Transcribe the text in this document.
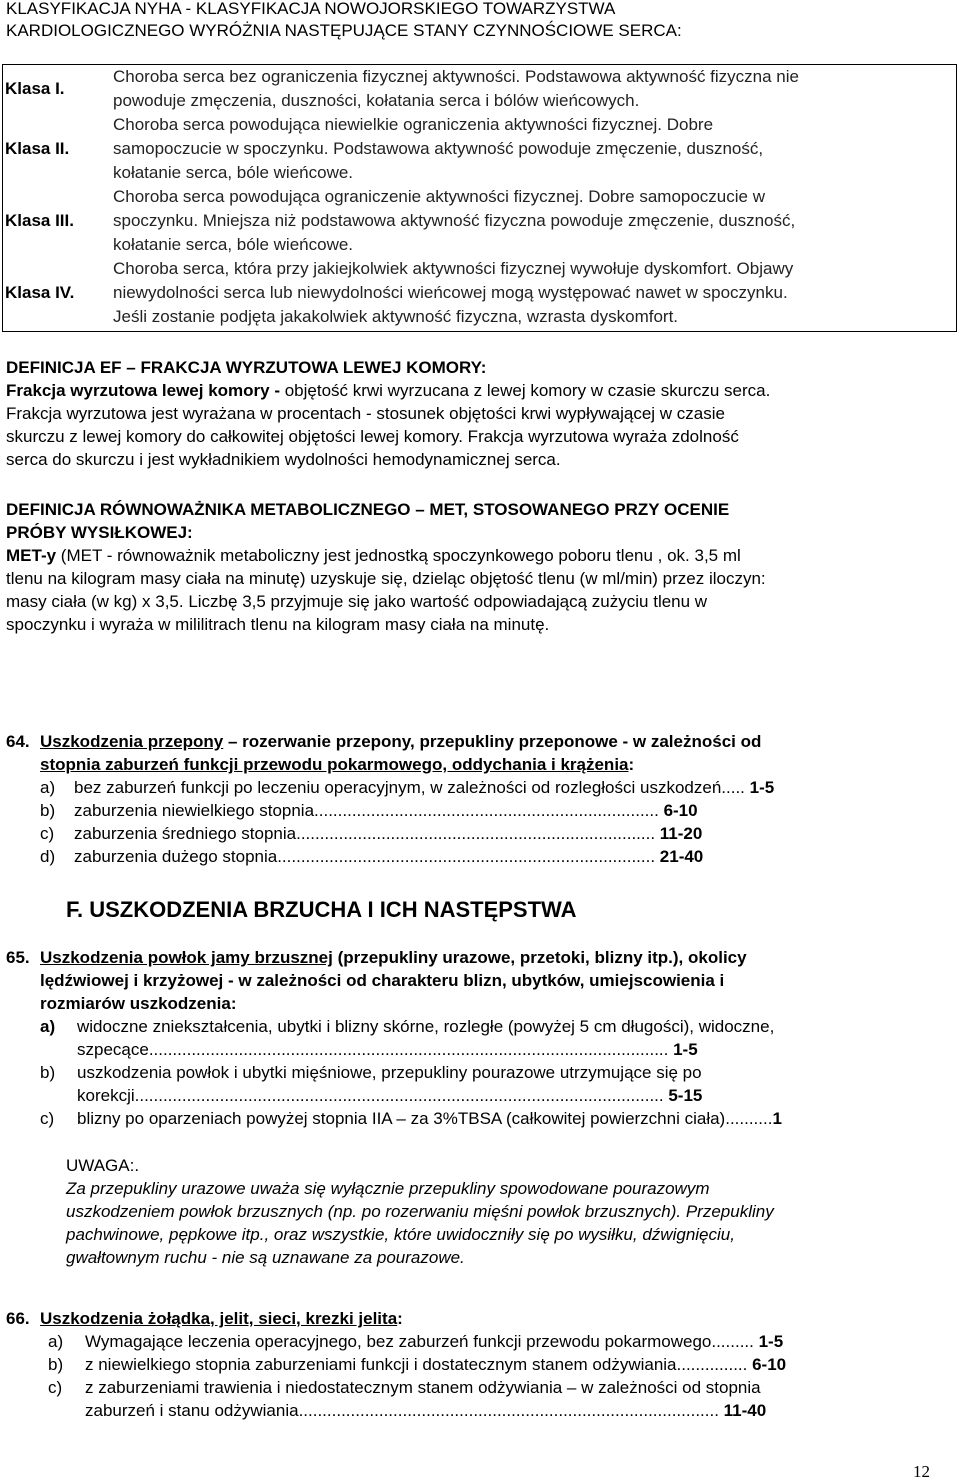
KLASYFIKACJA NYHA - KLASYFIKACJA NOWOJORSKIEGO TOWARZYSTWA
KARDIOLOGICZNEGO WYRÓŻNIA NASTĘPUJĄCE STANY CZYNNOŚCIOWE SERCA:
Klasa I.	Choroba serca bez ograniczenia fizycznej aktywności. Podstawowa aktywność fizyczna nie
powoduje zmęczenia, duszności, kołatania serca i bólów wieńcowych.

Klasa II.	Choroba serca powodująca niewielkie ograniczenia aktywności fizycznej. Dobre
samopoczucie w spoczynku. Podstawowa aktywność powoduje zmęczenie, duszność,
kołatanie serca, bóle wieńcowe.

Klasa III.	Choroba serca powodująca ograniczenie aktywności fizycznej. Dobre samopoczucie w
spoczynku. Mniejsza niż podstawowa aktywność fizyczna powoduje zmęczenie, duszność,
kołatanie serca, bóle wieńcowe.

Klasa IV.	Choroba serca, która przy jakiejkolwiek aktywności fizycznej wywołuje dyskomfort. Objawy
niewydolności serca lub niewydolności wieńcowej mogą występować nawet w spoczynku.
Jeśli zostanie podjęta jakakolwiek aktywność fizyczna, wzrasta dyskomfort.
DEFINICJA EF – FRAKCJA WYRZUTOWA LEWEJ KOMORY:
Frakcja wyrzutowa lewej komory - objętość krwi wyrzucana z lewej komory w czasie skurczu serca.
Frakcja wyrzutowa jest wyrażana w procentach - stosunek objętości krwi wypływającej w czasie
skurczu z lewej komory do całkowitej objętości lewej komory. Frakcja wyrzutowa wyraża zdolność
serca do skurczu i jest wykładnikiem wydolności hemodynamicznej serca.
DEFINICJA RÓWNOWAŻNIKA METABOLICZNEGO – MET, STOSOWANEGO PRZY OCENIE
PRÓBY WYSIŁKOWEJ:
MET-y (MET - równoważnik metaboliczny jest jednostką spoczynkowego poboru tlenu , ok. 3,5 ml
tlenu na kilogram masy ciała na minutę) uzyskuje się, dzieląc objętość tlenu (w ml/min) przez iloczyn:
masy ciała (w kg) x 3,5. Liczbę 3,5 przyjmuje się jako wartość odpowiadającą zużyciu tlenu w
spoczynku i wyraża w mililitrach tlenu na kilogram masy ciała na minutę.
64. Uszkodzenia przepony – rozerwanie przepony, przepukliny przeponowe - w zależności od
stopnia zaburzeń funkcji przewodu pokarmowego, oddychania i krążenia:
a) bez zaburzeń funkcji po leczeniu operacyjnym, w zależności od rozległości uszkodzeń..... 1-5
b) zaburzenia niewielkiego stopnia......................................................................... 6-10
c) zaburzenia średniego stopnia............................................................................ 11-20
d) zaburzenia dużego stopnia................................................................................ 21-40
F. USZKODZENIA BRZUCHA I ICH NASTĘPSTWA
65. Uszkodzenia powłok jamy brzusznej (przepukliny urazowe, przetoki, blizny itp.), okolicy
lędźwiowej i krzyżowej - w zależności od charakteru blizn, ubytków, umiejscowienia i
rozmiarów uszkodzenia:
a) widoczne zniekształcenia, ubytki i blizny skórne, rozległe (powyżej 5 cm długości), widoczne,
szpecące.............................................................................................................. 1-5
b) uszkodzenia powłok i ubytki mięśniowe, przepukliny pourazowe utrzymujące się po
korekcji................................................................................................................ 5-15
c) blizny po oparzeniach powyżej stopnia IIA – za 3%TBSA (całkowitej powierzchni ciała)..........1
UWAGA:.
Za przepukliny urazowe uważa się wyłącznie przepukliny spowodowane pourazowym
uszkodzeniem powłok brzusznych (np. po rozerwaniu mięśni powłok brzusznych). Przepukliny
pachwinowe, pępkowe itp., oraz wszystkie, które uwidoczniły się po wysiłku, dźwignięciu,
gwałtownym ruchu - nie są uznawane za pourazowe.
66. Uszkodzenia żołądka, jelit, sieci, krezki jelita:
a) Wymagające leczenia operacyjnego, bez zaburzeń funkcji przewodu pokarmowego......... 1-5
b) z niewielkiego stopnia zaburzeniami funkcji i dostatecznym stanem odżywiania............... 6-10
c) z zaburzeniami trawienia i niedostatecznym stanem odżywiania – w zależności od stopnia
zaburzeń i stanu odżywiania......................................................................................... 11-40
12
